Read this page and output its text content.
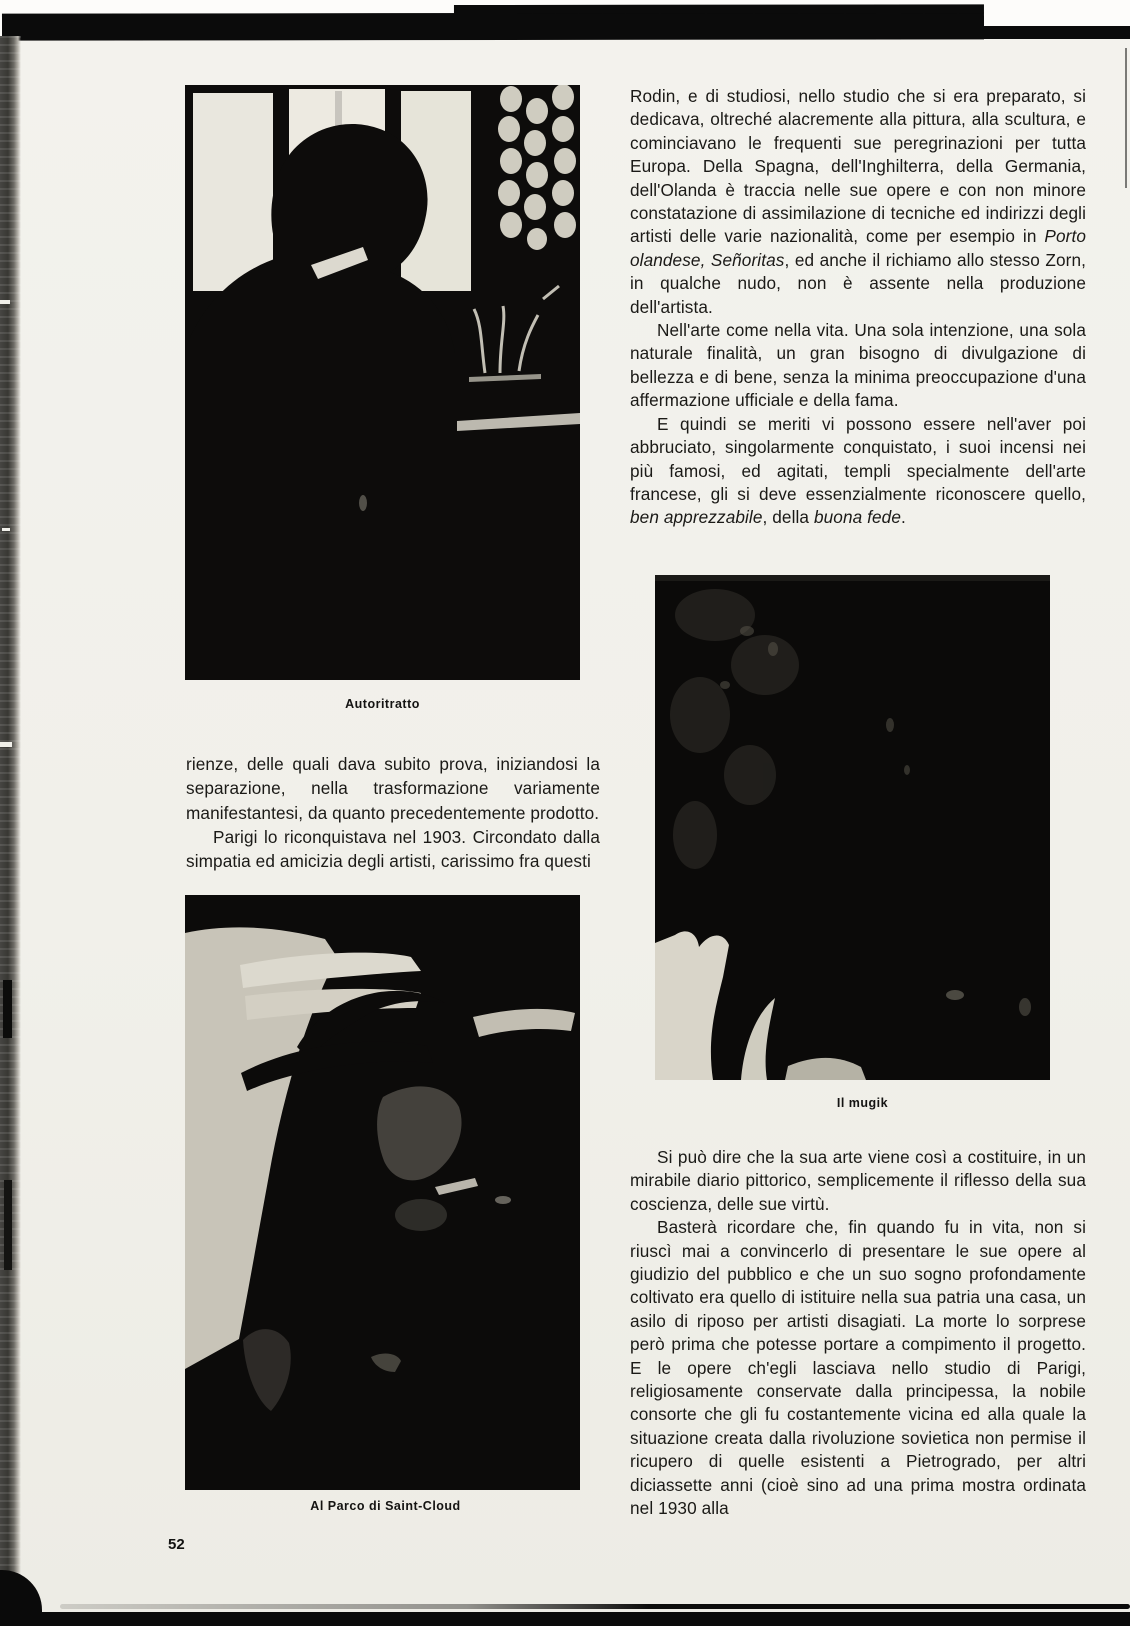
Autoritratto

rienze, delle quali dava subito prova, iniziandosi la separazione, nella trasformazione variamente manifestantesi, da quanto precedentemente prodotto.

Parigi lo riconquistava nel 1903. Circondato dalla simpatia ed amicizia degli artisti, carissimo fra questi

Al Parco di Saint-Cloud
52

Rodin, e di studiosi, nello studio che si era preparato, si dedicava, oltreché alacremente alla pittura, alla scultura, e cominciavano le frequenti sue peregrinazioni per tutta Europa. Della Spagna, dell'Inghilterra, della Germania, dell'Olanda è traccia nelle sue opere e con non minore constatazione di assimilazione di tecniche ed indirizzi degli artisti delle varie nazionalità, come per esempio in Porto olandese, Señoritas, ed anche il richiamo allo stesso Zorn, in qualche nudo, non è assente nella produzione dell'artista.

Nell'arte come nella vita. Una sola intenzione, una sola naturale finalità, un gran bisogno di divulgazione di bellezza e di bene, senza la minima preoccupazione d'una affermazione ufficiale e della fama.

E quindi se meriti vi possono essere nell'aver poi abbruciato, singolarmente conquistato, i suoi incensi nei più famosi, ed agitati, templi specialmente dell'arte francese, gli si deve essenzialmente riconoscere quello, ben apprezzabile, della buona fede.

Il mugik

Si può dire che la sua arte viene così a costituire, in un mirabile diario pittorico, semplicemente il riflesso della sua coscienza, delle sue virtù.

Basterà ricordare che, fin quando fu in vita, non si riuscì mai a convincerlo di presentare le sue opere al giudizio del pubblico e che un suo sogno profondamente coltivato era quello di istituire nella sua patria una casa, un asilo di riposo per artisti disagiati. La morte lo sorprese però prima che potesse portare a compimento il progetto. E le opere ch'egli lasciava nello studio di Parigi, religiosamente conservate dalla principessa, la nobile consorte che gli fu costantemente vicina ed alla quale la situazione creata dalla rivoluzione sovietica non permise il ricupero di quelle esistenti a Pietrogrado, per altri diciassette anni (cioè sino ad una prima mostra ordinata nel 1930 alla
